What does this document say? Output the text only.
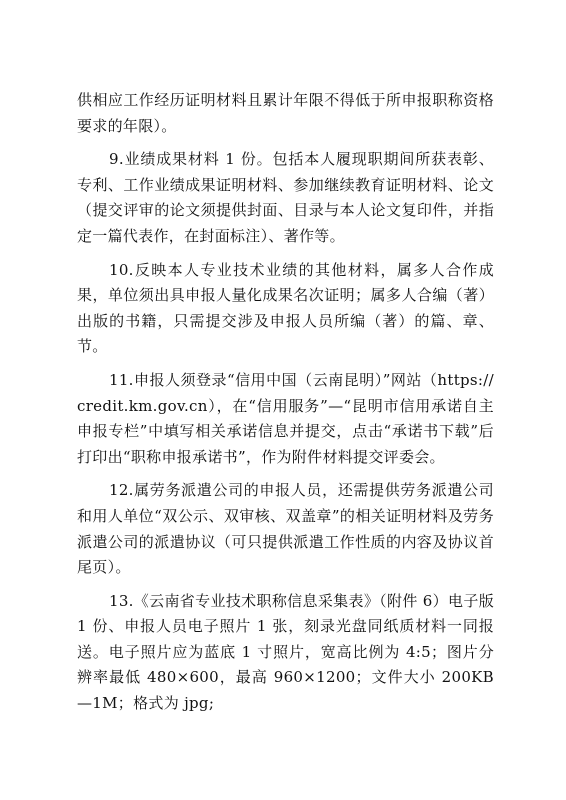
供相应工作经历证明材料且累计年限不得低于所申报职称资格要求的年限）。

9.业绩成果材料 1 份。包括本人履现职期间所获表彰、专利、工作业绩成果证明材料、参加继续教育证明材料、论文（提交评审的论文须提供封面、目录与本人论文复印件，并指定一篇代表作，在封面标注）、著作等。

10.反映本人专业技术业绩的其他材料，属多人合作成果，单位须出具申报人量化成果名次证明；属多人合编（著）出版的书籍，只需提交涉及申报人员所编（著）的篇、章、节。

11.申报人须登录“信用中国（云南昆明）”网站（https://credit.km.gov.cn），在“信用服务”—“昆明市信用承诺自主申报专栏”中填写相关承诺信息并提交，点击“承诺书下载”后打印出“职称申报承诺书”，作为附件材料提交评委会。

12.属劳务派遣公司的申报人员，还需提供劳务派遣公司和用人单位“双公示、双审核、双盖章”的相关证明材料及劳务派遣公司的派遣协议（可只提供派遣工作性质的内容及协议首尾页）。

13.《云南省专业技术职称信息采集表》（附件 6）电子版 1 份、申报人员电子照片 1 张，刻录光盘同纸质材料一同报送。电子照片应为蓝底 1 寸照片，宽高比例为 4:5；图片分辨率最低 480×600，最高 960×1200；文件大小 200KB—1M；格式为 jpg;
